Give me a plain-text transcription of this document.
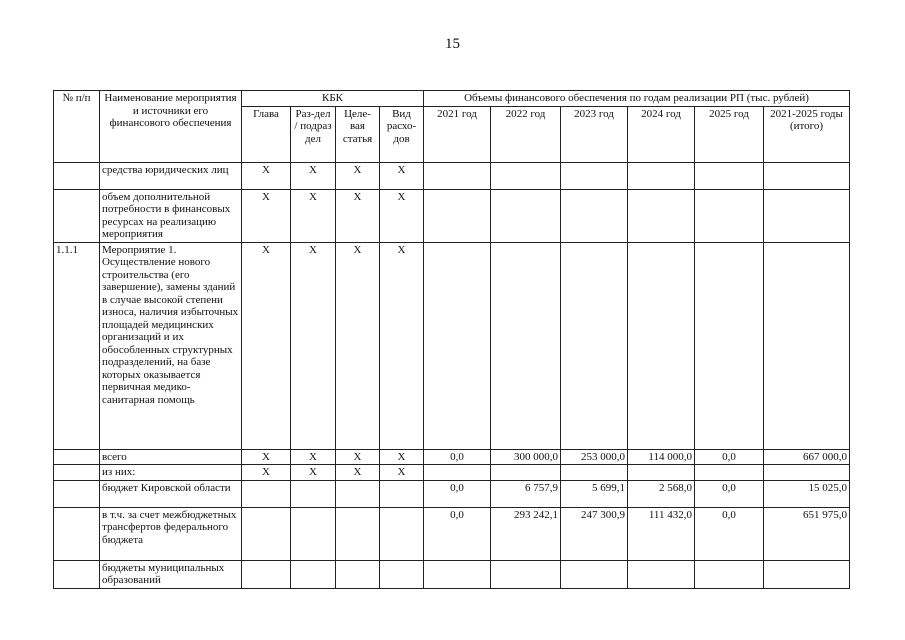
15
№ п/п	Наименование мероприятия и источники его финансового обеспечения	КБК				Объемы финансового обеспечения по годам реализации РП (тыс. рублей)					
		Глава	Раз-дел / подраз дел	Целе-вая статья	Вид расхо-дов	2021 год	2022 год	2023 год	2024 год	2025 год	2021-2025 годы (итого)
	средства юридических лиц	X	X	X	X						
	объем дополнительной потребности в финансовых ресурсах на реализацию мероприятия	X	X	X	X						
1.1.1	Мероприятие 1. Осуществление нового строительства (его завершение), замены зданий в случае высокой степени износа, наличия избыточных площадей медицинских организаций и их обособленных структурных подразделений, на базе которых оказывается первичная медико-санитарная помощь	X	X	X	X						
	всего	X	X	X	X	0,0	300 000,0	253 000,0	114 000,0	0,0	667 000,0
	из них:	X	X	X	X						
	бюджет Кировской области					0,0	6 757,9	5 699,1	2 568,0	0,0	15 025,0
	в т.ч. за счет межбюджетных трансфертов федерального бюджета					0,0	293 242,1	247 300,9	111 432,0	0,0	651 975,0
	бюджеты муниципальных образований										
